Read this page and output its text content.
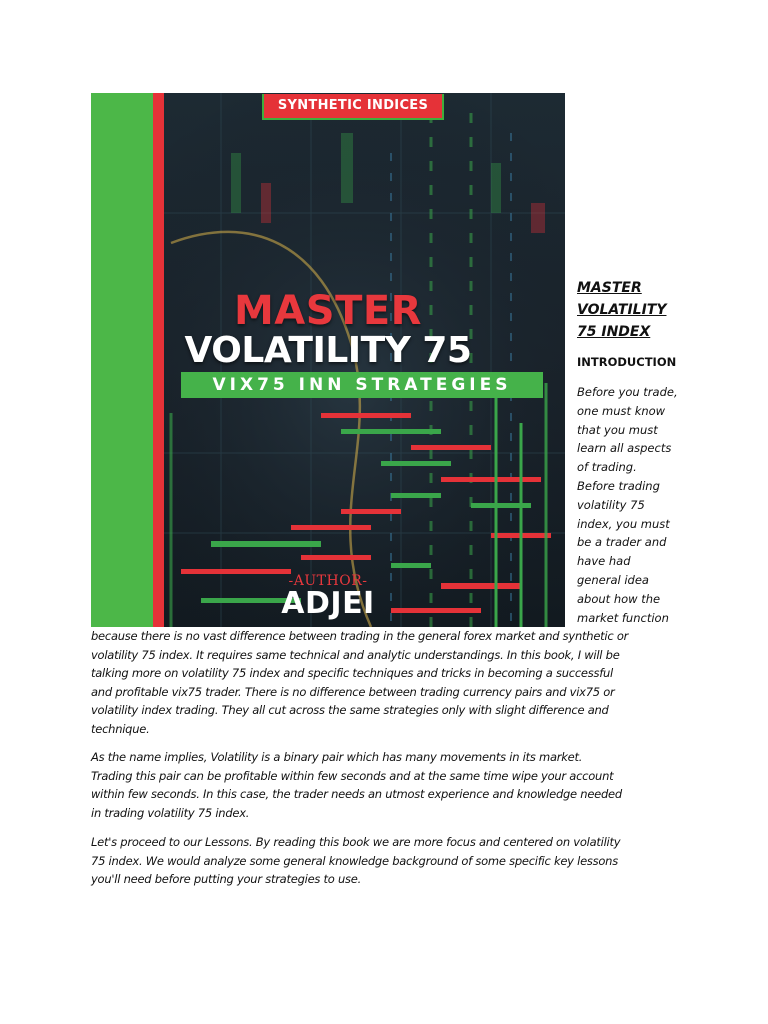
SYNTHETIC INDICES
MASTER
VOLATILITY 75
VIX75 INN STRATEGIES
-AUTHOR-
ADJEI
MASTER
VOLATILITY
75 INDEX
INTRODUCTION
Before you trade,
one must know
that you must
learn all aspects
of trading.
Before trading
volatility 75
index, you must
be a trader and
have had
general idea
about how the
market function
because there is no vast difference between trading in the general forex market and synthetic or
volatility 75 index. It requires same technical and analytic understandings. In this book, I will be
talking more on volatility 75 index and specific techniques and tricks in becoming a successful
and profitable vix75 trader. There is no difference between trading currency pairs and vix75 or
volatility index trading. They all cut across the same strategies only with slight difference and
technique.
As the name implies, Volatility is a binary pair which has many movements in its market.
Trading this pair can be profitable within few seconds and at the same time wipe your account
within few seconds. In this case, the trader needs an utmost experience and knowledge needed
in trading volatility 75 index.
Let's proceed to our Lessons. By reading this book we are more focus and centered on volatility
75 index. We would analyze some general knowledge background of some specific key lessons
you'll need before putting your strategies to use.
